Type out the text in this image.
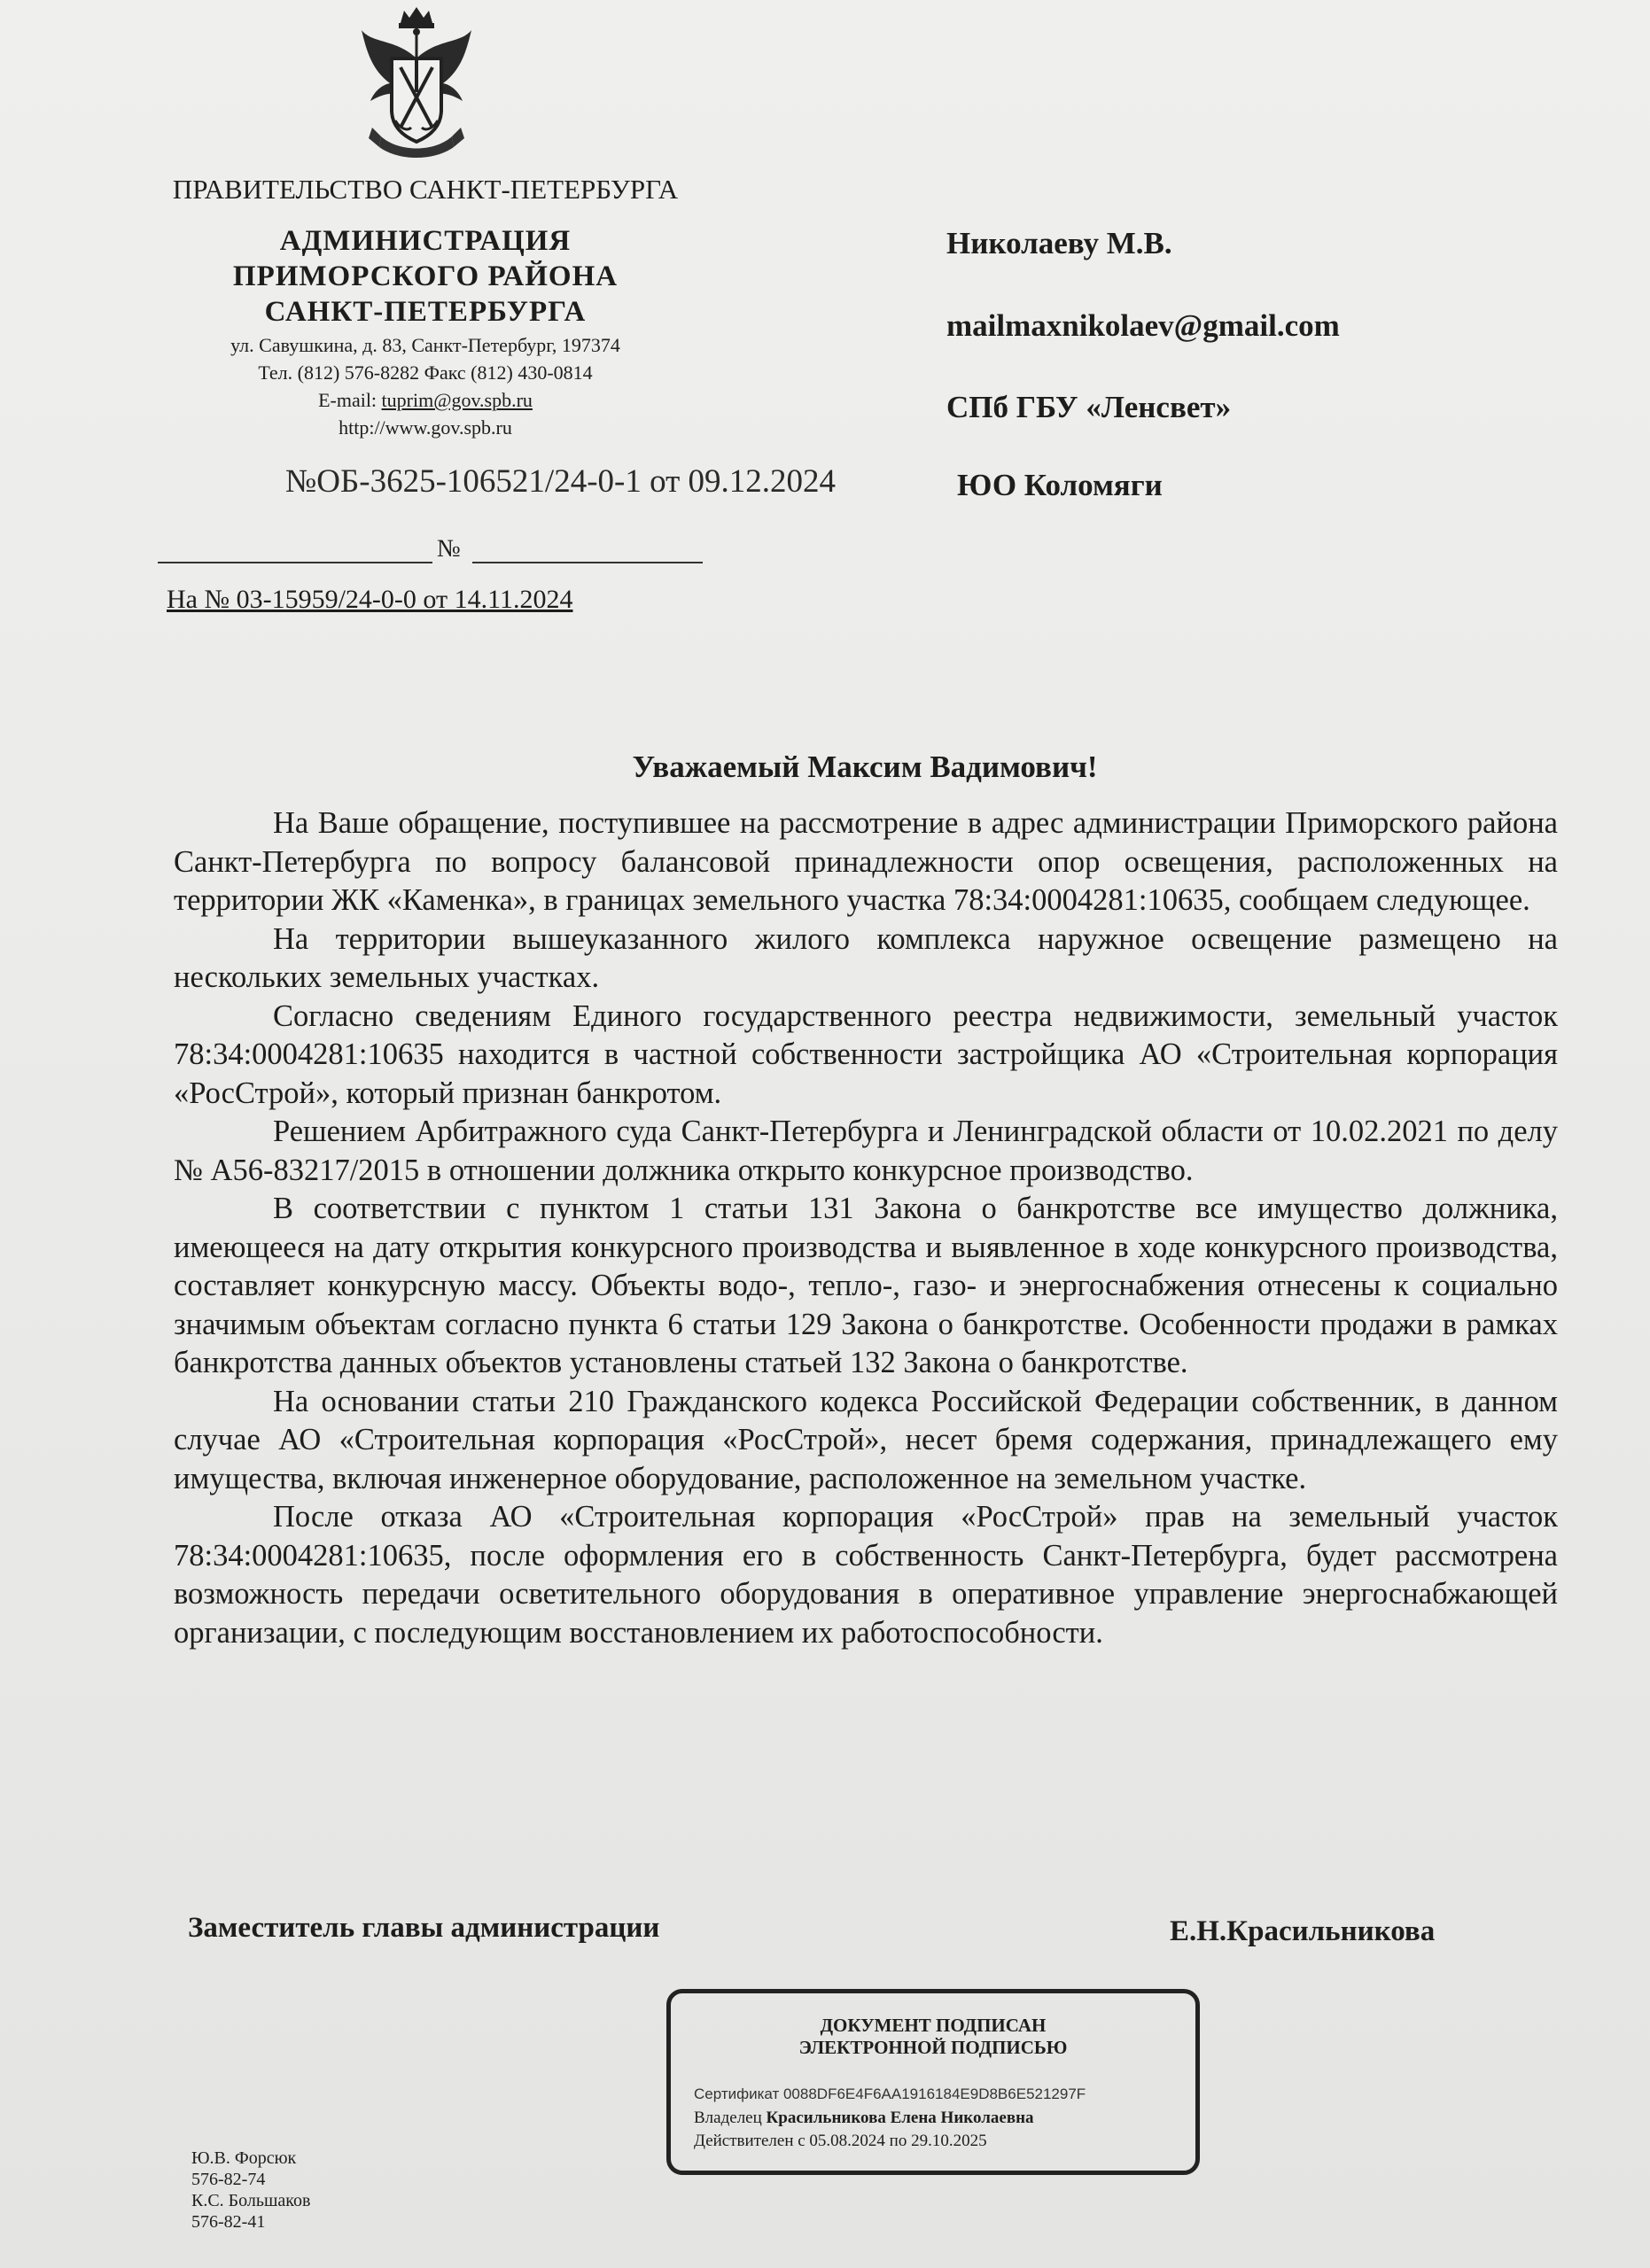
ПРАВИТЕЛЬСТВО САНКТ-ПЕТЕРБУРГА
АДМИНИСТРАЦИЯ
ПРИМОРСКОГО РАЙОНА
САНКТ-ПЕТЕРБУРГА
ул. Савушкина, д. 83, Санкт-Петербург, 197374
Тел. (812) 576-8282 Факс (812) 430-0814
E-mail: tuprim@gov.spb.ru
http://www.gov.spb.ru
Николаеву М.В.
mailmaxnikolaev@gmail.com
СПб ГБУ «Ленсвет»
ЮО Коломяги
№ОБ-3625-106521/24-0-1 от 09.12.2024
№
На № 03-15959/24-0-0 от 14.11.2024
Уважаемый Максим Вадимович!

На Ваше обращение, поступившее на рассмотрение в адрес администрации Приморского района Санкт-Петербурга по вопросу балансовой принадлежности опор освещения, расположенных на территории ЖК «Каменка», в границах земельного участка 78:34:0004281:10635, сообщаем следующее.

На территории вышеуказанного жилого комплекса наружное освещение размещено на нескольких земельных участках.

Согласно сведениям Единого государственного реестра недвижимости, земельный участок 78:34:0004281:10635 находится в частной собственности застройщика АО «Строительная корпорация «РосСтрой», который признан банкротом.

Решением Арбитражного суда Санкт-Петербурга и Ленинградской области от 10.02.2021 по делу № А56-83217/2015 в отношении должника открыто конкурсное производство.

В соответствии с пунктом 1 статьи 131 Закона о банкротстве все имущество должника, имеющееся на дату открытия конкурсного производства и выявленное в ходе конкурсного производства, составляет конкурсную массу. Объекты водо-, тепло-, газо- и энергоснабжения отнесены к социально значимым объектам согласно пункта 6 статьи 129 Закона о банкротстве. Особенности продажи в рамках банкротства данных объектов установлены статьей 132 Закона о банкротстве.

На основании статьи 210 Гражданского кодекса Российской Федерации собственник, в данном случае АО «Строительная корпорация «РосСтрой», несет бремя содержания, принадлежащего ему имущества, включая инженерное оборудование, расположенное на земельном участке.

После отказа АО «Строительная корпорация «РосСтрой» прав на земельный участок 78:34:0004281:10635, после оформления его в собственность Санкт-Петербурга, будет рассмотрена возможность передачи осветительного оборудования в оперативное управление энергоснабжающей организации, с последующим восстановлением их работоспособности.

Заместитель главы администрации	Е.Н.Красильникова
ДОКУМЕНТ ПОДПИСАН
ЭЛЕКТРОННОЙ ПОДПИСЬЮ
Сертификат 0088DF6E4F6AA1916184E9D8B6E521297F
Владелец Красильникова Елена Николаевна
Действителен с 05.08.2024 по 29.10.2025
Ю.В. Форсюк
576-82-74
К.С. Большаков
576-82-41
